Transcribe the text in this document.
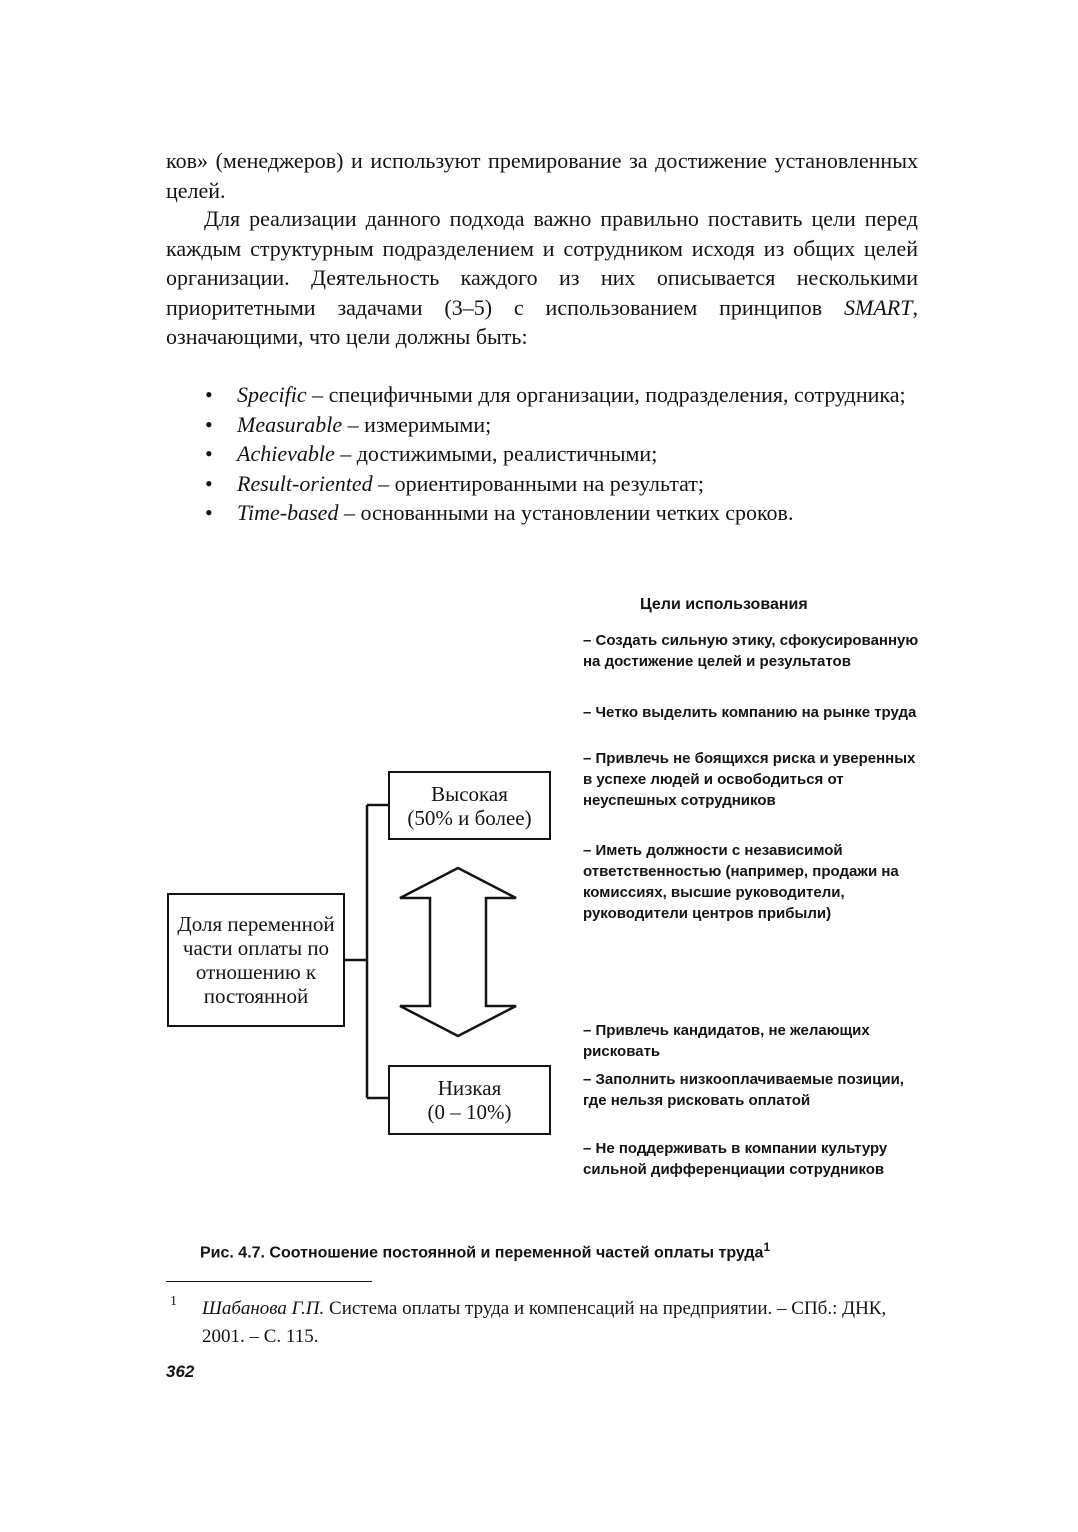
ков» (менеджеров) и используют премирование за достижение установленных целей.

Для реализации данного подхода важно правильно поставить цели перед каждым структурным подразделением и сотрудником исходя из общих целей организации. Деятельность каждого из них описывается несколькими приоритетными задачами (3–5) с использованием принципов SMART, означающими, что цели должны быть:

• Specific – специфичными для организации, подразделения, сотрудника;
• Measurable – измеримыми;
• Achievable – достижимыми, реалистичными;
• Result-oriented – ориентированными на результат;
• Time-based – основанными на установлении четких сроков.
Доля переменной части оплаты по отношению к постоянной
Высокая
(50% и более)
Низкая
(0 – 10%)
Цели использования

– Создать сильную этику, сфокусированную на достижение целей и результатов

– Четко выделить компанию на рынке труда

– Привлечь не боящихся риска и уверенных в успехе людей и освободиться от неуспешных сотрудников

– Иметь должности с независимой ответственностью (например, продажи на комиссиях, высшие руководители, руководители центров прибыли)

– Привлечь кандидатов, не желающих рисковать

– Заполнить низкооплачиваемые позиции, где нельзя рисковать оплатой

– Не поддерживать в компании культуру сильной дифференциации сотрудников

Рис. 4.7. Соотношение постоянной и переменной частей оплаты труда$^1$
1 Шабанова Г.П. Система оплаты труда и компенсаций на предприятии. – СПб.: ДНК, 2001. – С. 115.

362
